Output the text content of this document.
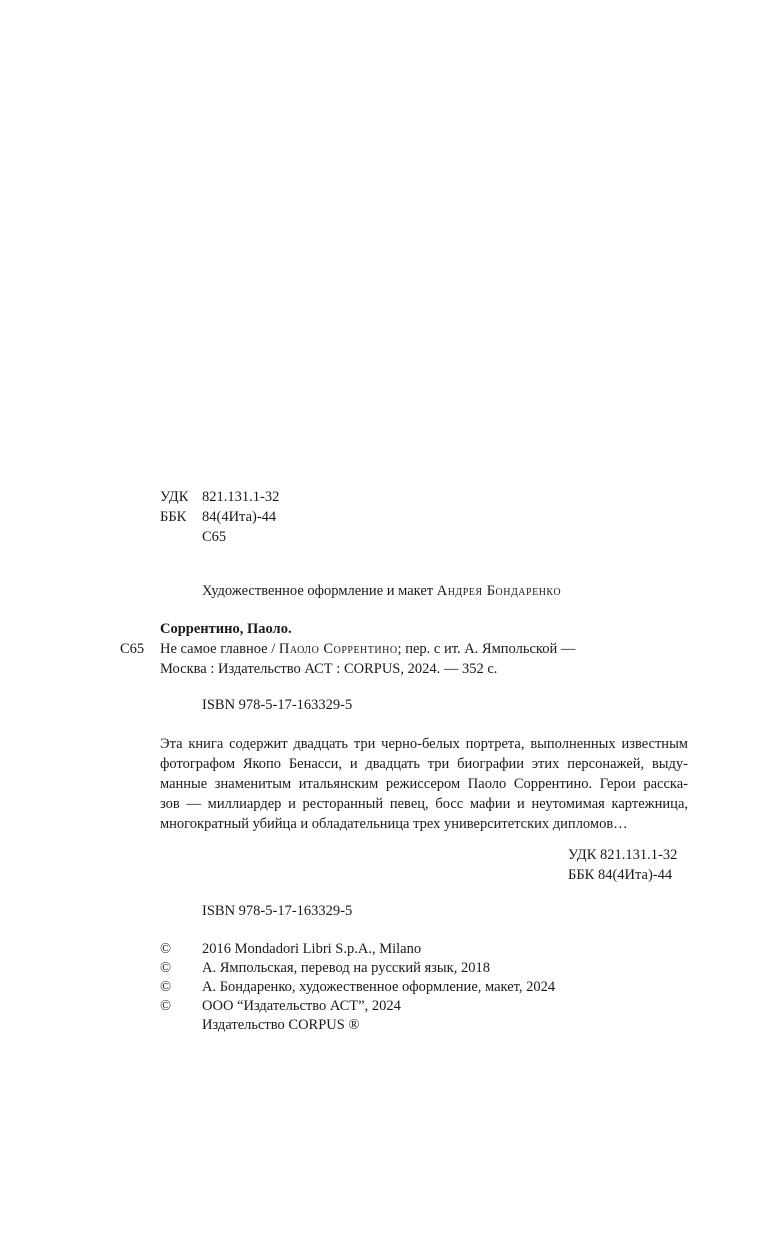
УДК 821.131.1-32
ББК 84(4Ита)-44
С65
Художественное оформление и макет Андрея Бондаренко
Соррентино, Паоло.
С65 Не самое главное / Паоло Соррентино; пер. с ит. А. Ямпольской —
Москва : Издательство АСТ : CORPUS, 2024. — 352 с.
ISBN 978-5-17-163329-5
Эта книга содержит двадцать три черно-белых портрета, выполненных известным
фотографом Якопо Бенасси, и двадцать три биографии этих персонажей, выду-
манные знаменитым итальянским режиссером Паоло Соррентино. Герои расска-
зов — миллиардер и ресторанный певец, босс мафии и неутомимая картежница,
многократный убийца и обладательница трех университетских дипломов…
УДК 821.131.1-32
ББК 84(4Ита)-44
ISBN 978-5-17-163329-5
© 2016 Mondadori Libri S.p.A., Milano
© А. Ямпольская, перевод на русский язык, 2018
© А. Бондаренко, художественное оформление, макет, 2024
© ООО “Издательство АСТ”, 2024
Издательство CORPUS ®
